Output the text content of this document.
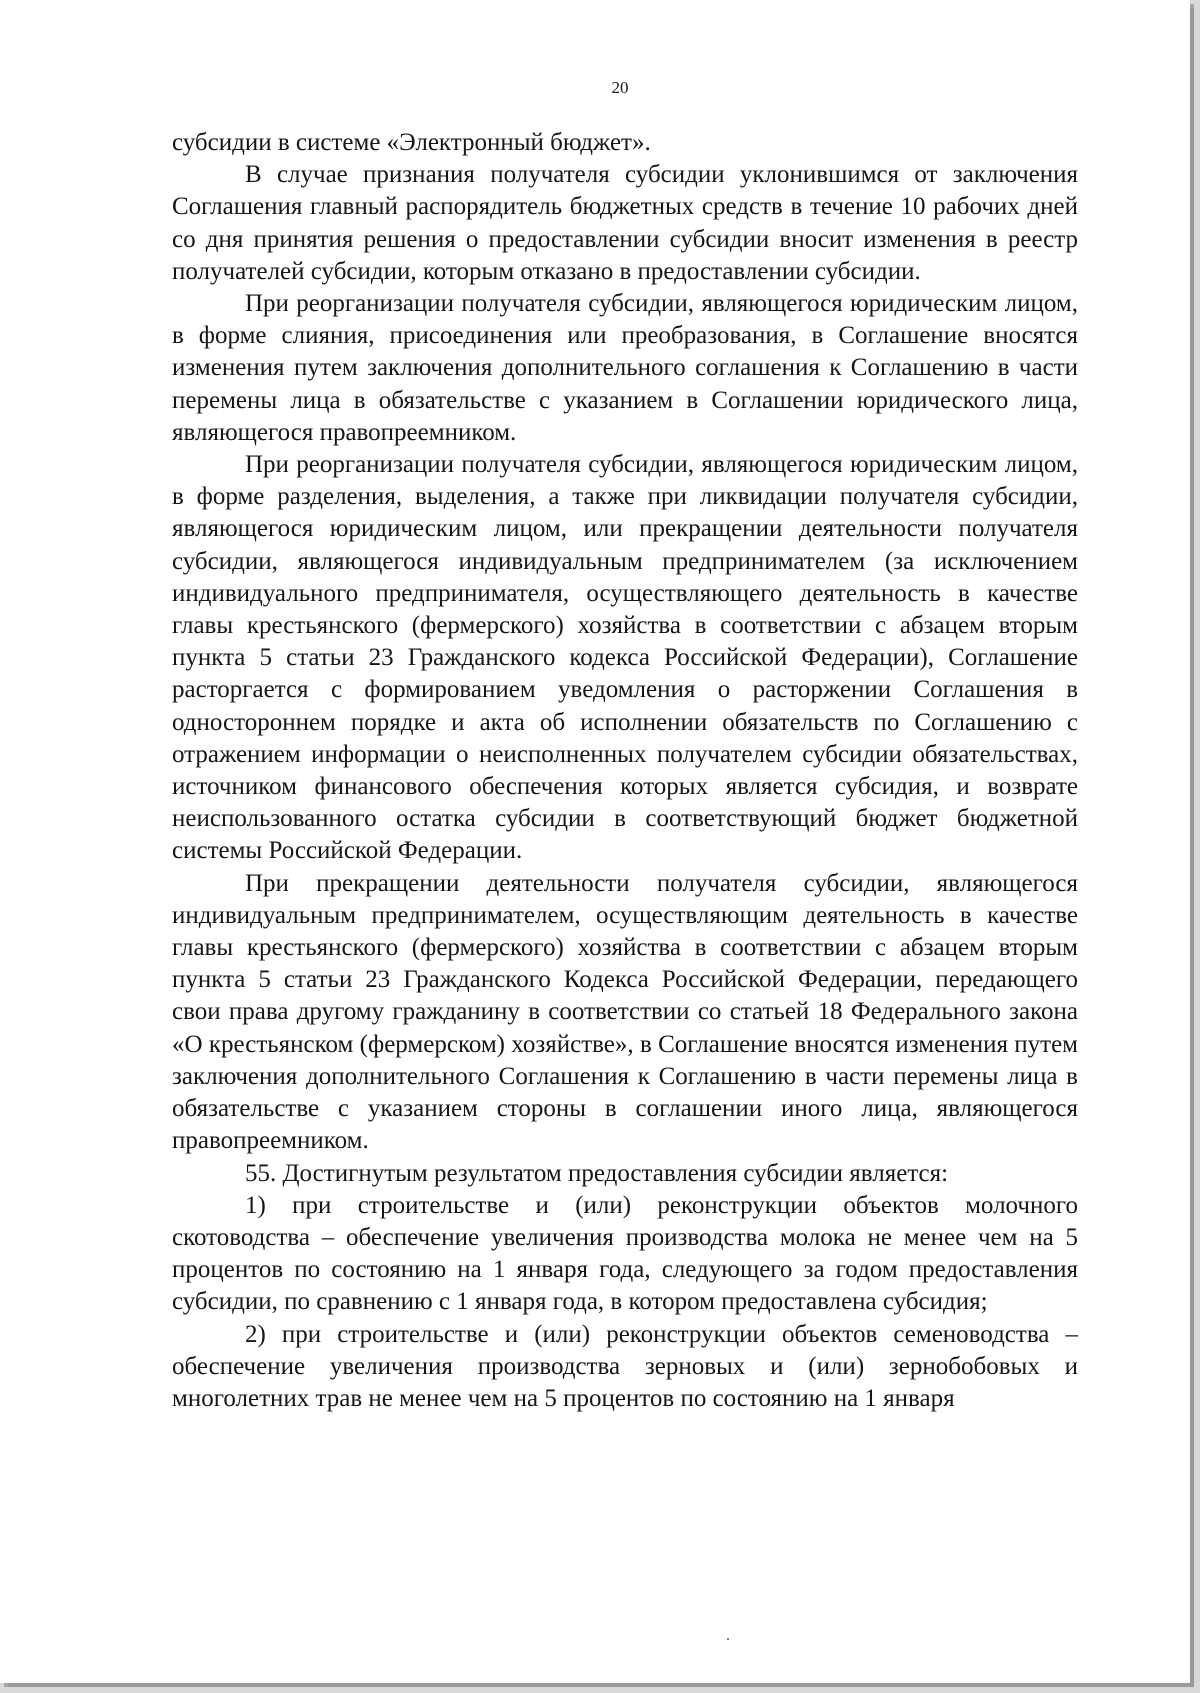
20

субсидии в системе «Электронный бюджет».

В случае признания получателя субсидии уклонившимся от заключения Соглашения главный распорядитель бюджетных средств в течение 10 рабочих дней со дня принятия решения о предоставлении субсидии вносит изменения в реестр получателей субсидии, которым отказано в предоставлении субсидии.

При реорганизации получателя субсидии, являющегося юридическим лицом, в форме слияния, присоединения или преобразования, в Соглашение вносятся изменения путем заключения дополнительного соглашения к Соглашению в части перемены лица в обязательстве с указанием в Соглашении юридического лица, являющегося правопреемником.

При реорганизации получателя субсидии, являющегося юридическим лицом, в форме разделения, выделения, а также при ликвидации получателя субсидии, являющегося юридическим лицом, или прекращении деятельности получателя субсидии, являющегося индивидуальным предпринимателем (за исключением индивидуального предпринимателя, осуществляющего деятельность в качестве главы крестьянского (фермерского) хозяйства в соответствии с абзацем вторым пункта 5 статьи 23 Гражданского кодекса Российской Федерации), Соглашение расторгается с формированием уведомления о расторжении Соглашения в одностороннем порядке и акта об исполнении обязательств по Соглашению с отражением информации о неисполненных получателем субсидии обязательствах, источником финансового обеспечения которых является субсидия, и возврате неиспользованного остатка субсидии в соответствующий бюджет бюджетной системы Российской Федерации.

При прекращении деятельности получателя субсидии, являющегося индивидуальным предпринимателем, осуществляющим деятельность в качестве главы крестьянского (фермерского) хозяйства в соответствии с абзацем вторым пункта 5 статьи 23 Гражданского Кодекса Российской Федерации, передающего свои права другому гражданину в соответствии со статьей 18 Федерального закона «О крестьянском (фермерском) хозяйстве», в Соглашение вносятся изменения путем заключения дополнительного Соглашения к Соглашению в части перемены лица в обязательстве с указанием стороны в соглашении иного лица, являющегося правопреемником.

55. Достигнутым результатом предоставления субсидии является:

1) при строительстве и (или) реконструкции объектов молочного скотоводства – обеспечение увеличения производства молока не менее чем на 5 процентов по состоянию на 1 января года, следующего за годом предоставления субсидии, по сравнению с 1 января года, в котором предоставлена субсидия;

2) при строительстве и (или) реконструкции объектов семеноводства – обеспечение увеличения производства зерновых и (или) зернобобовых и многолетних трав не менее чем на 5 процентов по состоянию на 1 января
